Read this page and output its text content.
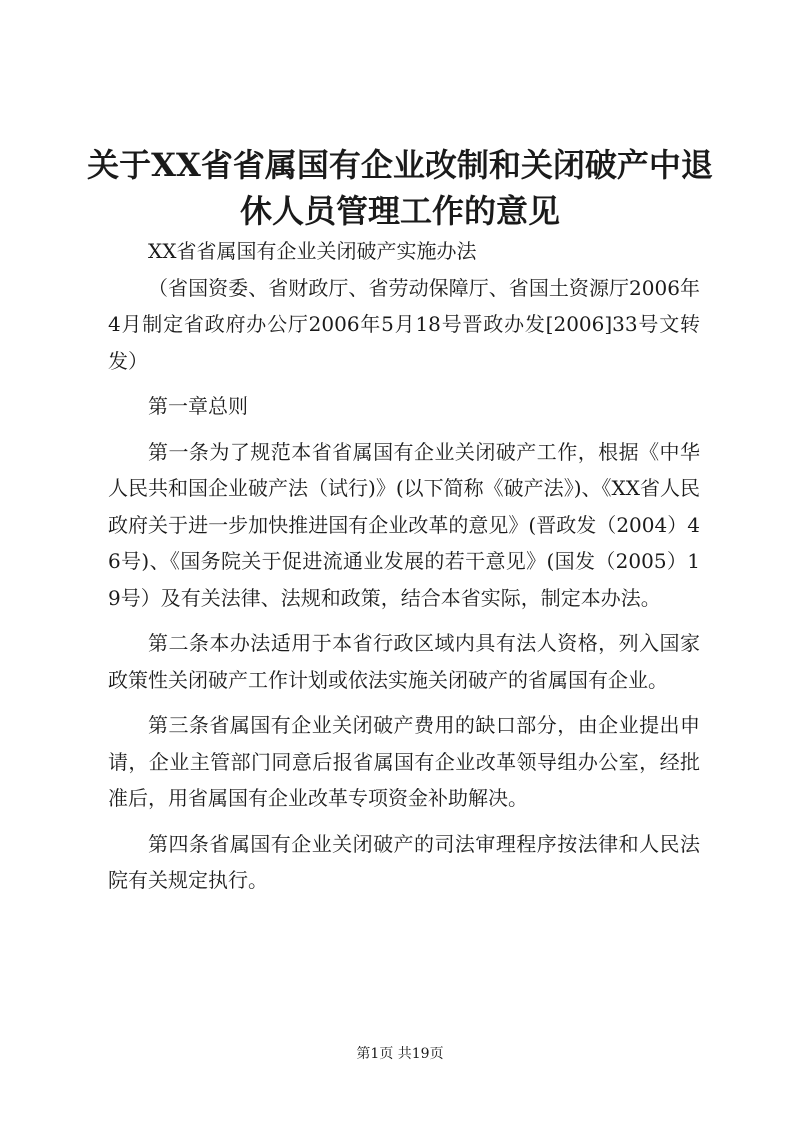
关于XX省省属国有企业改制和关闭破产中退
休人员管理工作的意见

XX省省属国有企业关闭破产实施办法

（省国资委、省财政厅、省劳动保障厅、省国土资源厅2006年4月制定省政府办公厅2006年5月18号晋政办发[2006]33号文转发）

第一章总则

第一条为了规范本省省属国有企业关闭破产工作，根据《中华人民共和国企业破产法（试行)》(以下简称《破产法》)、《XX省人民政府关于进一步加快推进国有企业改革的意见》(晋政发（2004）46号)、《国务院关于促进流通业发展的若干意见》(国发（2005）19号）及有关法律、法规和政策，结合本省实际，制定本办法。

第二条本办法适用于本省行政区域内具有法人资格，列入国家政策性关闭破产工作计划或依法实施关闭破产的省属国有企业。

第三条省属国有企业关闭破产费用的缺口部分，由企业提出申请，企业主管部门同意后报省属国有企业改革领导组办公室，经批准后，用省属国有企业改革专项资金补助解决。

第四条省属国有企业关闭破产的司法审理程序按法律和人民法院有关规定执行。

第1页 共19页
